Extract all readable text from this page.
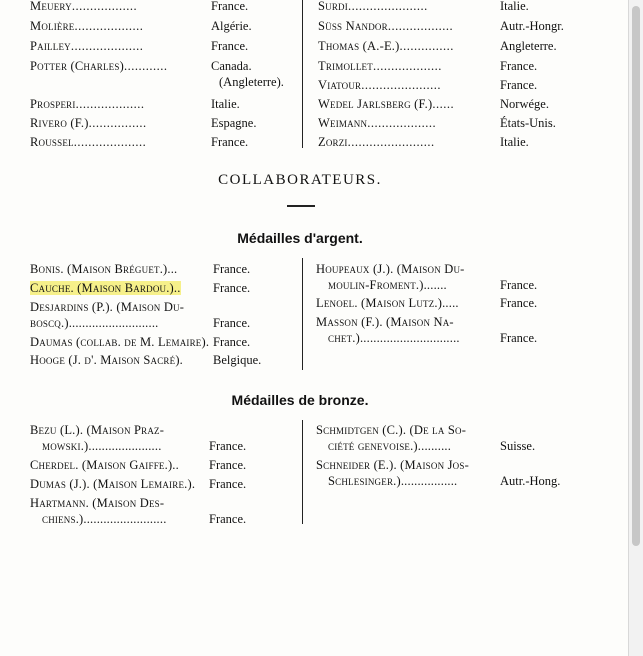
Meuery..................	France.
Molière...................	Algérie.
Pailley....................	France.
Potter (Charles)............	Canada.
(Angleterre).
Prosperi...................	Italie.
Rivero (F.)................	Espagne.
Roussel....................	France.
Surdi......................	Italie.
Süss Nandor..................	Autr.-Hongr.
Thomas (A.-E.)...............	Angleterre.
Trimollet...................	France.
Viatour......................	France.
Wedel Jarlsberg (F.)......	Norwége.
Weimann...................	États-Unis.
Zorzi........................	Italie.
COLLABORATEURS.
Médailles d'argent.
Bonis. (Maison Bréguet.)...	France.
Cauche. (Maison Bardou.)..	France.
Desjardins (P.). (Maison Du-
boscq.)...........................	France.
Daumas (collab. de M. Lemaire). France.
Hooge (J. d'. Maison Sacré). Belgique.
Houpeaux (J.). (Maison Du-
moulin-Froment.).......	France.
Lenoel. (Maison Lutz.).....	France.
Masson (F.). (Maison Na-
chet.)..............................	France.
Médailles de bronze.
Bezu (L.). (Maison Praz-
mowski.)......................	France.
Cherdel. (Maison Gaiffe.).. France.
Dumas (J.). (Maison Lemaire.). France.
Hartmann. (Maison Des-
chiens.).........................	France.
Schmidtgen (C.). (De la So-
ciété genevoise.)..........	Suisse.
Schneider (E.). (Maison Jos-
Schlesinger.).................	Autr.-Hong.
